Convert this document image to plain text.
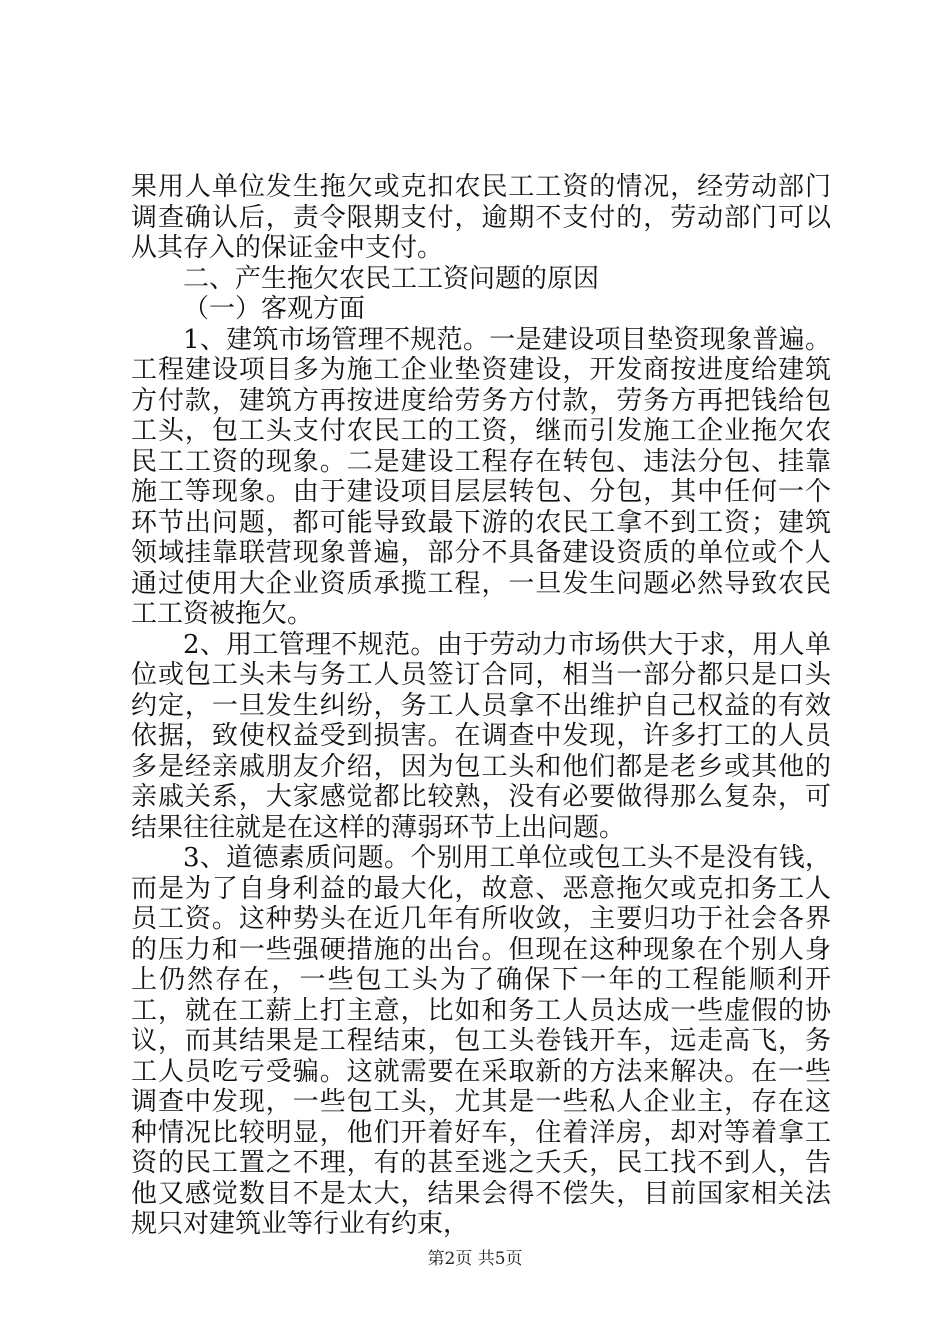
果用人单位发生拖欠或克扣农民工工资的情况，经劳动部门调查确认后，责令限期支付，逾期不支付的，劳动部门可以从其存入的保证金中支付。

二、产生拖欠农民工工资问题的原因

（一）客观方面

1、建筑市场管理不规范。一是建设项目垫资现象普遍。工程建设项目多为施工企业垫资建设，开发商按进度给建筑方付款，建筑方再按进度给劳务方付款，劳务方再把钱给包工头，包工头支付农民工的工资，继而引发施工企业拖欠农民工工资的现象。二是建设工程存在转包、违法分包、挂靠施工等现象。由于建设项目层层转包、分包，其中任何一个环节出问题，都可能导致最下游的农民工拿不到工资；建筑领域挂靠联营现象普遍，部分不具备建设资质的单位或个人通过使用大企业资质承揽工程，一旦发生问题必然导致农民工工资被拖欠。

2、用工管理不规范。由于劳动力市场供大于求，用人单位或包工头未与务工人员签订合同，相当一部分都只是口头约定，一旦发生纠纷，务工人员拿不出维护自己权益的有效依据，致使权益受到损害。在调查中发现，许多打工的人员多是经亲戚朋友介绍，因为包工头和他们都是老乡或其他的亲戚关系，大家感觉都比较熟，没有必要做得那么复杂，可结果往往就是在这样的薄弱环节上出问题。

3、道德素质问题。个别用工单位或包工头不是没有钱，而是为了自身利益的最大化，故意、恶意拖欠或克扣务工人员工资。这种势头在近几年有所收敛，主要归功于社会各界的压力和一些强硬措施的出台。但现在这种现象在个别人身上仍然存在，一些包工头为了确保下一年的工程能顺利开工，就在工薪上打主意，比如和务工人员达成一些虚假的协议，而其结果是工程结束，包工头卷钱开车，远走高飞，务工人员吃亏受骗。这就需要在采取新的方法来解决。在一些调查中发现，一些包工头，尤其是一些私人企业主，存在这种情况比较明显，他们开着好车，住着洋房，却对等着拿工资的民工置之不理，有的甚至逃之夭夭，民工找不到人，告他又感觉数目不是太大，结果会得不偿失，目前国家相关法规只对建筑业等行业有约束，

第2页 共5页
